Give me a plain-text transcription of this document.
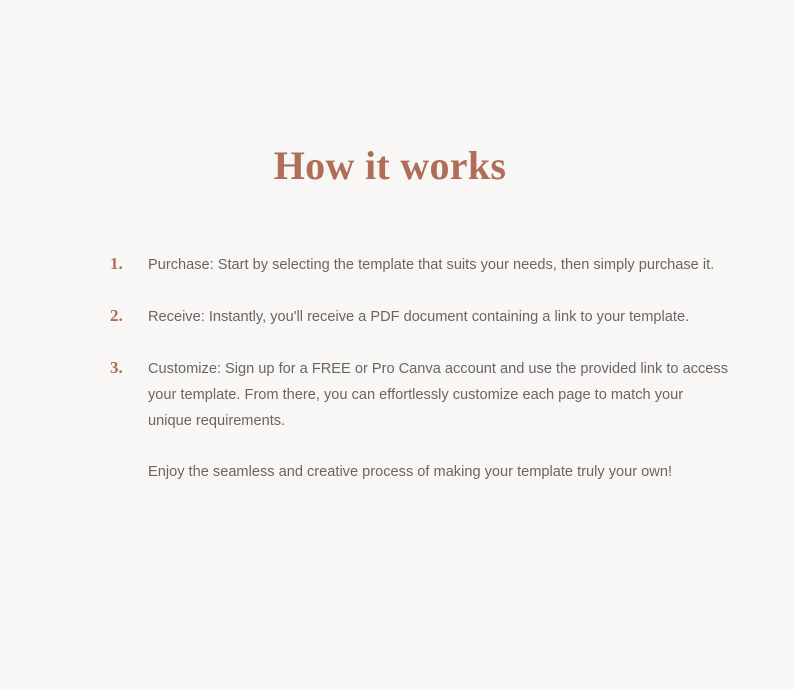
How it works
1. Purchase: Start by selecting the template that suits your needs, then simply purchase it.

2. Receive: Instantly, you'll receive a PDF document containing a link to your template.

3. Customize: Sign up for a FREE or Pro Canva account and use the provided link to access your template. From there, you can effortlessly customize each page to match your unique requirements.

Enjoy the seamless and creative process of making your template truly your own!
